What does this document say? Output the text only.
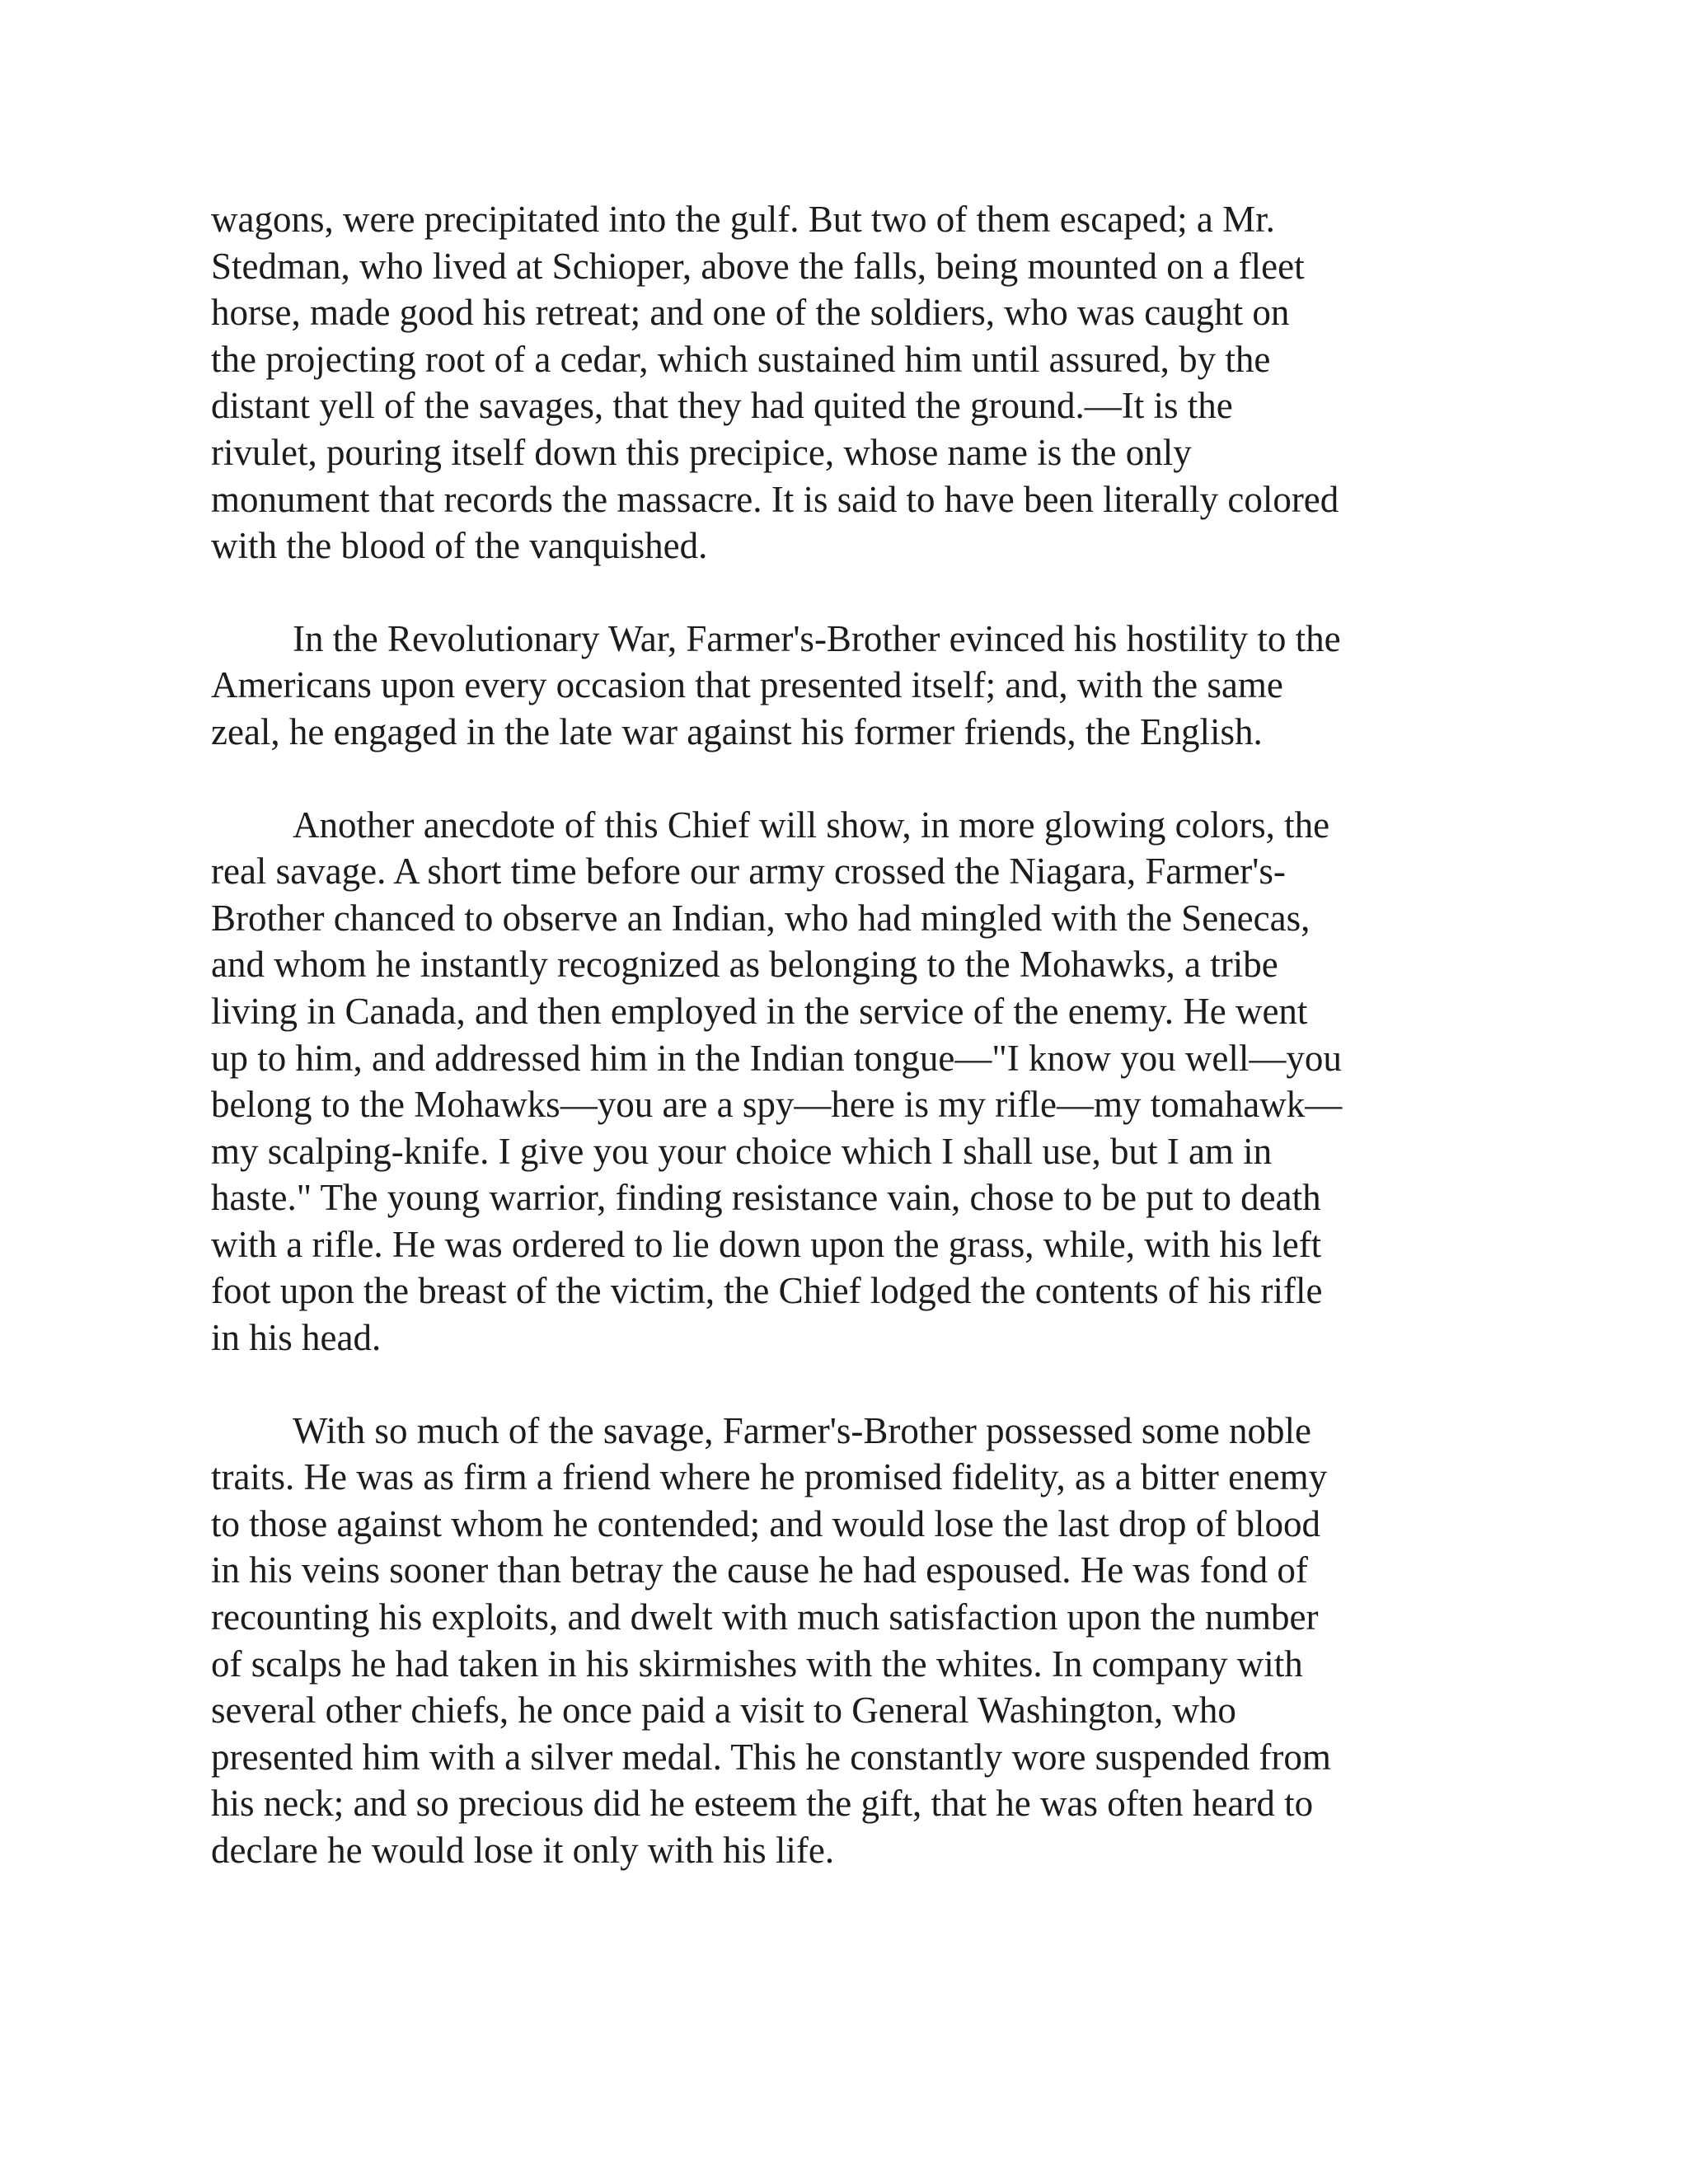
wagons, were precipitated into the gulf. But two of them escaped; a Mr.
Stedman, who lived at Schioper, above the falls, being mounted on a fleet
horse, made good his retreat; and one of the soldiers, who was caught on
the projecting root of a cedar, which sustained him until assured, by the
distant yell of the savages, that they had quited the ground.—It is the
rivulet, pouring itself down this precipice, whose name is the only
monument that records the massacre. It is said to have been literally colored
with the blood of the vanquished.

In the Revolutionary War, Farmer's-Brother evinced his hostility to the
Americans upon every occasion that presented itself; and, with the same
zeal, he engaged in the late war against his former friends, the English.

Another anecdote of this Chief will show, in more glowing colors, the
real savage. A short time before our army crossed the Niagara, Farmer's-
Brother chanced to observe an Indian, who had mingled with the Senecas,
and whom he instantly recognized as belonging to the Mohawks, a tribe
living in Canada, and then employed in the service of the enemy. He went
up to him, and addressed him in the Indian tongue—"I know you well—you
belong to the Mohawks—you are a spy—here is my rifle—my tomahawk—
my scalping-knife. I give you your choice which I shall use, but I am in
haste." The young warrior, finding resistance vain, chose to be put to death
with a rifle. He was ordered to lie down upon the grass, while, with his left
foot upon the breast of the victim, the Chief lodged the contents of his rifle
in his head.

With so much of the savage, Farmer's-Brother possessed some noble
traits. He was as firm a friend where he promised fidelity, as a bitter enemy
to those against whom he contended; and would lose the last drop of blood
in his veins sooner than betray the cause he had espoused. He was fond of
recounting his exploits, and dwelt with much satisfaction upon the number
of scalps he had taken in his skirmishes with the whites. In company with
several other chiefs, he once paid a visit to General Washington, who
presented him with a silver medal. This he constantly wore suspended from
his neck; and so precious did he esteem the gift, that he was often heard to
declare he would lose it only with his life.
